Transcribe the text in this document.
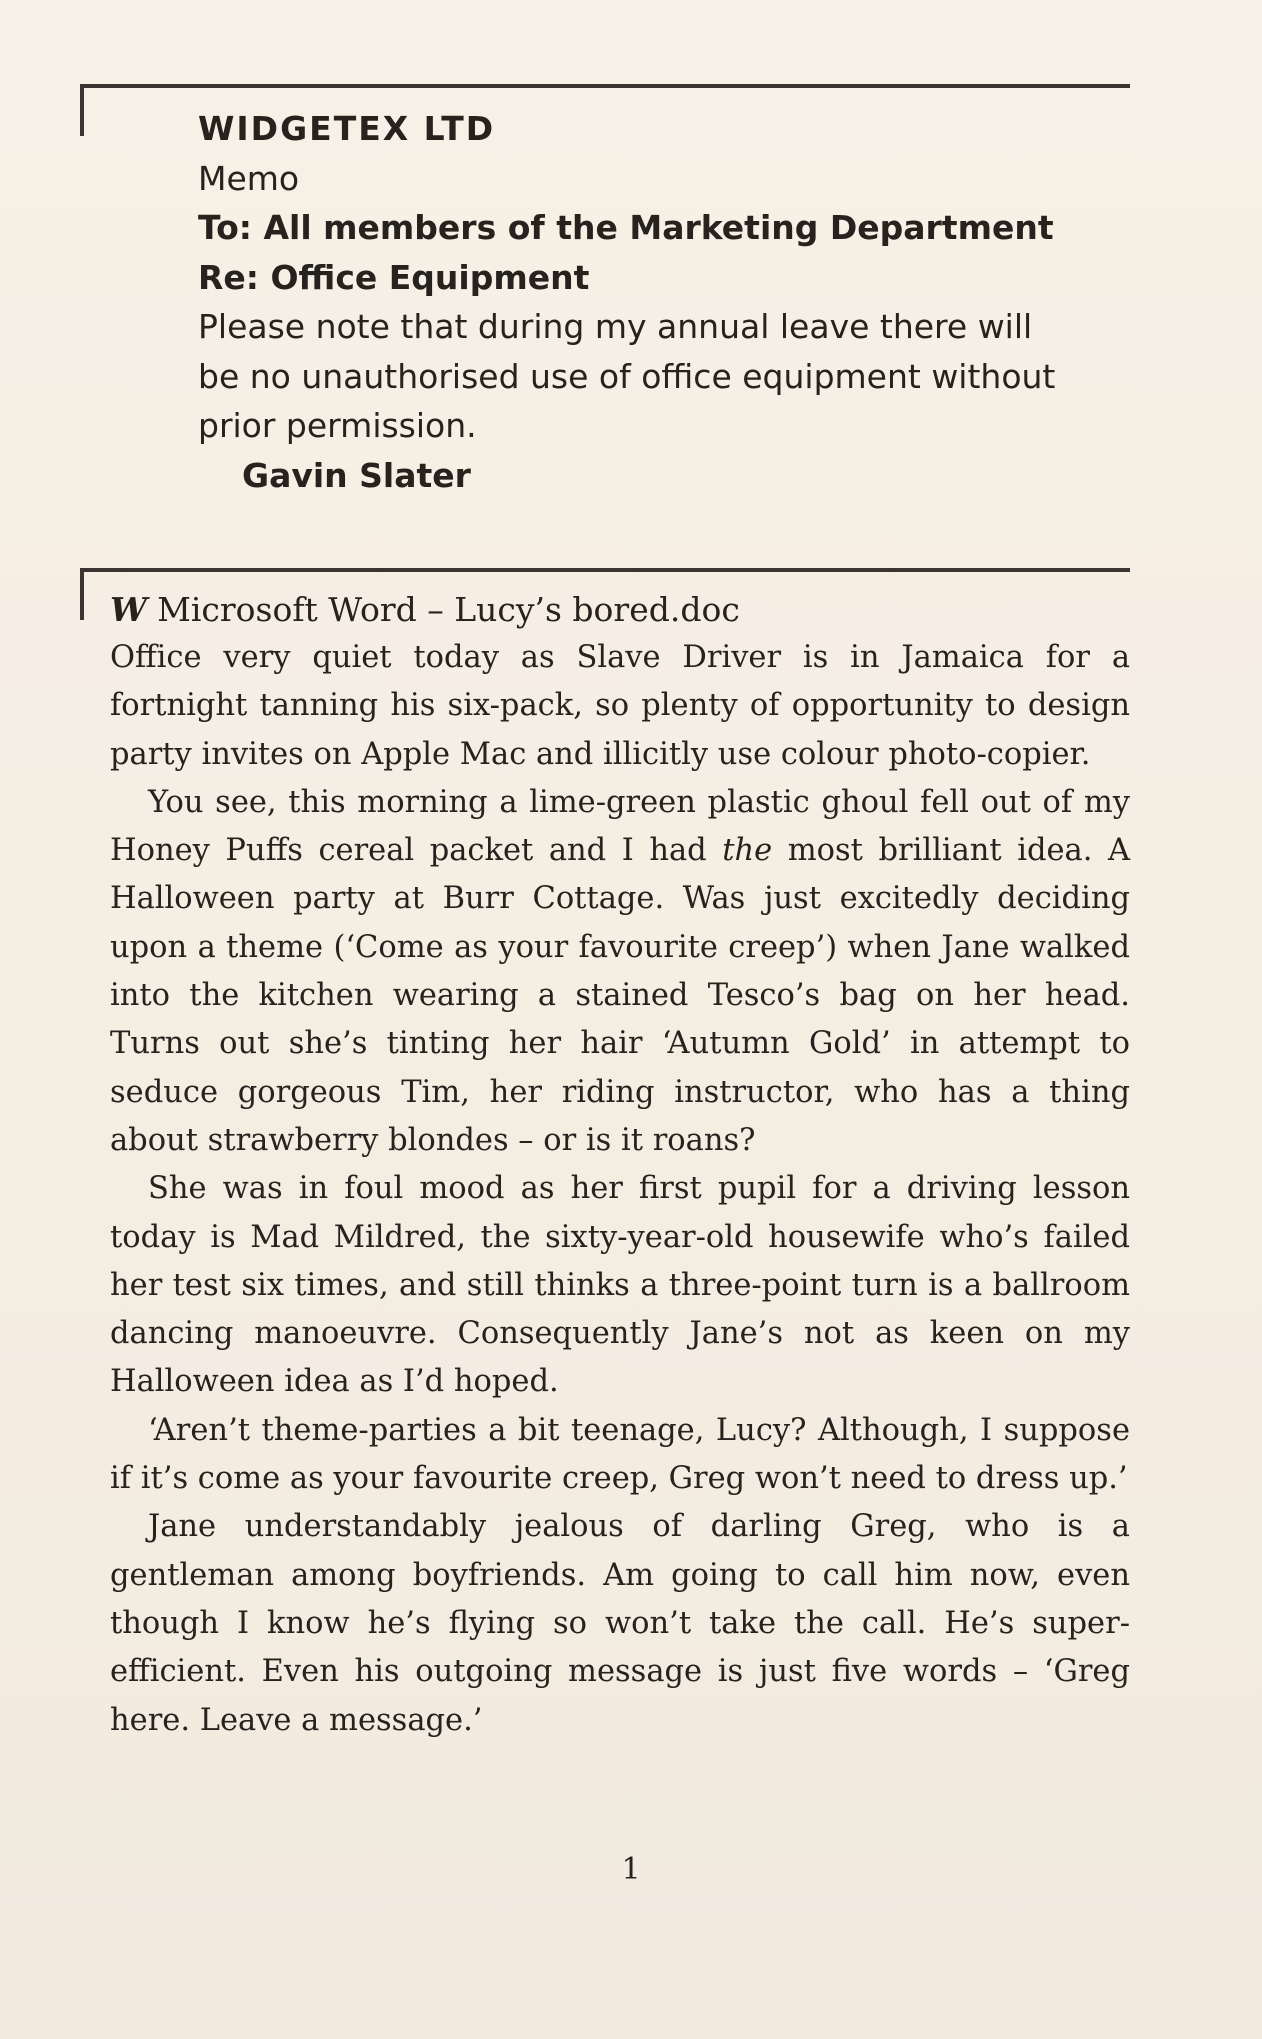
WIDGETEX LTD
Memo
To: All members of the Marketing Department
Re: Office Equipment
Please note that during my annual leave there will be no unauthorised use of office equipment without prior permission.
Gavin Slater
W Microsoft Word – Lucy’s bored.doc

Office very quiet today as Slave Driver is in Jamaica for a fortnight tanning his six-pack, so plenty of opportunity to design party invites on Apple Mac and illicitly use colour photo-copier.

You see, this morning a lime-green plastic ghoul fell out of my Honey Puffs cereal packet and I had the most brilliant idea. A Halloween party at Burr Cottage. Was just excitedly deciding upon a theme (‘Come as your favourite creep’) when Jane walked into the kitchen wearing a stained Tesco’s bag on her head. Turns out she’s tinting her hair ‘Autumn Gold’ in attempt to seduce gorgeous Tim, her riding instructor, who has a thing about strawberry blondes – or is it roans?

She was in foul mood as her first pupil for a driving lesson today is Mad Mildred, the sixty-year-old housewife who’s failed her test six times, and still thinks a three-point turn is a ballroom dancing manoeuvre. Consequently Jane’s not as keen on my Halloween idea as I’d hoped.

‘Aren’t theme-parties a bit teenage, Lucy? Although, I suppose if it’s come as your favourite creep, Greg won’t need to dress up.’

Jane understandably jealous of darling Greg, who is a gentleman among boyfriends. Am going to call him now, even though I know he’s flying so won’t take the call. He’s super-efficient. Even his outgoing message is just five words – ‘Greg here. Leave a message.’

1
